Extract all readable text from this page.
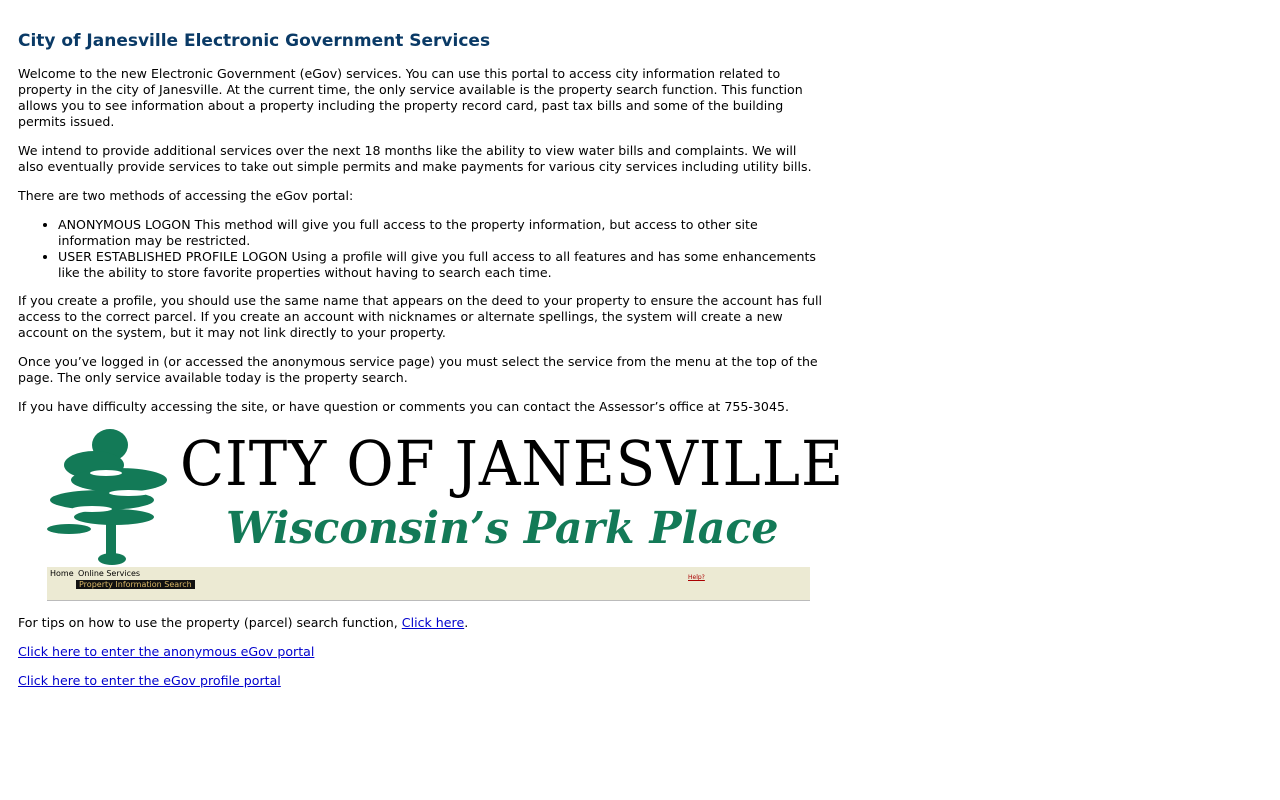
City of Janesville Electronic Government Services

Welcome to the new Electronic Government (eGov) services. You can use this portal to access city information related to property in the city of Janesville. At the current time, the only service available is the property search function. This function allows you to see information about a property including the property record card, past tax bills and some of the building permits issued.

We intend to provide additional services over the next 18 months like the ability to view water bills and complaints. We will also eventually provide services to take out simple permits and make payments for various city services including utility bills.

There are two methods of accessing the eGov portal:

• ANONYMOUS LOGON This method will give you full access to the property information, but access to other site information may be restricted.
• USER ESTABLISHED PROFILE LOGON Using a profile will give you full access to all features and has some enhancements like the ability to store favorite properties without having to search each time.

If you create a profile, you should use the same name that appears on the deed to your property to ensure the account has full access to the correct parcel. If you create an account with nicknames or alternate spellings, the system will create a new account on the system, but it may not link directly to your property.

Once you’ve logged in (or accessed the anonymous service page) you must select the service from the menu at the top of the page. The only service available today is the property search.

If you have difficulty accessing the site, or have question or comments you can contact the Assessor’s office at 755-3045.

CITY OF JANESVILLE
Wisconsin’s Park Place
Home Online Services
Property Information Search
Help?

For tips on how to use the property (parcel) search function, Click here.

Click here to enter the anonymous eGov portal

Click here to enter the eGov profile portal
